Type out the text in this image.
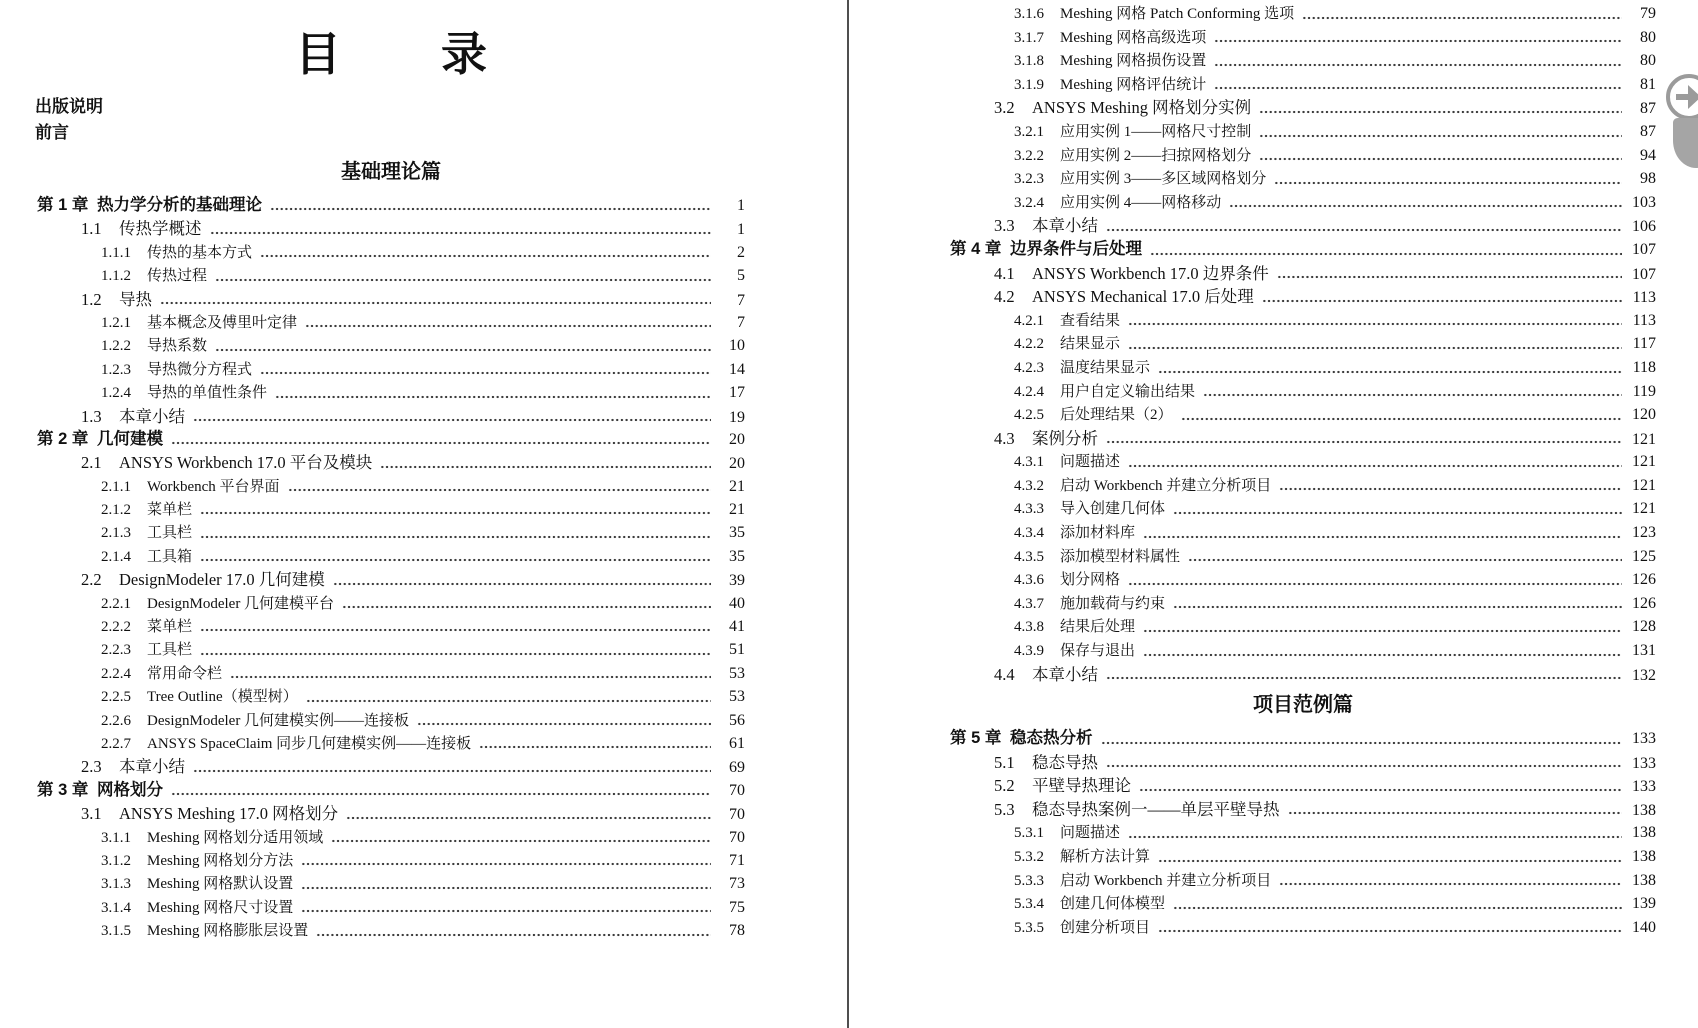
目 录
出版说明
前言
基础理论篇
第 1 章 热力学分析的基础理论	1
1.1	传热学概述	1
1.1.1	传热的基本方式	2
1.1.2	传热过程	5
1.2	导热	7
1.2.1	基本概念及傅里叶定律	7
1.2.2	导热系数	10
1.2.3	导热微分方程式	14
1.2.4	导热的单值性条件	17
1.3	本章小结	19
第 2 章 几何建模	20
2.1	ANSYS Workbench 17.0 平台及模块	20
2.1.1	Workbench 平台界面	21
2.1.2	菜单栏	21
2.1.3	工具栏	35
2.1.4	工具箱	35
2.2	DesignModeler 17.0 几何建模	39
2.2.1	DesignModeler 几何建模平台	40
2.2.2	菜单栏	41
2.2.3	工具栏	51
2.2.4	常用命令栏	53
2.2.5	Tree Outline（模型树）	53
2.2.6	DesignModeler 几何建模实例——连接板	56
2.2.7	ANSYS SpaceClaim 同步几何建模实例——连接板	61
2.3	本章小结	69
第 3 章 网格划分	70
3.1	ANSYS Meshing 17.0 网格划分	70
3.1.1	Meshing 网格划分适用领域	70
3.1.2	Meshing 网格划分方法	71
3.1.3	Meshing 网格默认设置	73
3.1.4	Meshing 网格尺寸设置	75
3.1.5	Meshing 网格膨胀层设置	78
3.1.6	Meshing 网格 Patch Conforming 选项	79
3.1.7	Meshing 网格高级选项	80
3.1.8	Meshing 网格损伤设置	80
3.1.9	Meshing 网格评估统计	81
3.2	ANSYS Meshing 网格划分实例	87
3.2.1	应用实例 1——网格尺寸控制	87
3.2.2	应用实例 2——扫掠网格划分	94
3.2.3	应用实例 3——多区域网格划分	98
3.2.4	应用实例 4——网格移动	103
3.3	本章小结	106
第 4 章 边界条件与后处理	107
4.1	ANSYS Workbench 17.0 边界条件	107
4.2	ANSYS Mechanical 17.0 后处理	113
4.2.1	查看结果	113
4.2.2	结果显示	117
4.2.3	温度结果显示	118
4.2.4	用户自定义输出结果	119
4.2.5	后处理结果（2）	120
4.3	案例分析	121
4.3.1	问题描述	121
4.3.2	启动 Workbench 并建立分析项目	121
4.3.3	导入创建几何体	121
4.3.4	添加材料库	123
4.3.5	添加模型材料属性	125
4.3.6	划分网格	126
4.3.7	施加载荷与约束	126
4.3.8	结果后处理	128
4.3.9	保存与退出	131
4.4	本章小结	132
项目范例篇
第 5 章 稳态热分析	133
5.1	稳态导热	133
5.2	平壁导热理论	133
5.3	稳态导热案例一——单层平壁导热	138
5.3.1	问题描述	138
5.3.2	解析方法计算	138
5.3.3	启动 Workbench 并建立分析项目	138
5.3.4	创建几何体模型	139
5.3.5	创建分析项目	140
